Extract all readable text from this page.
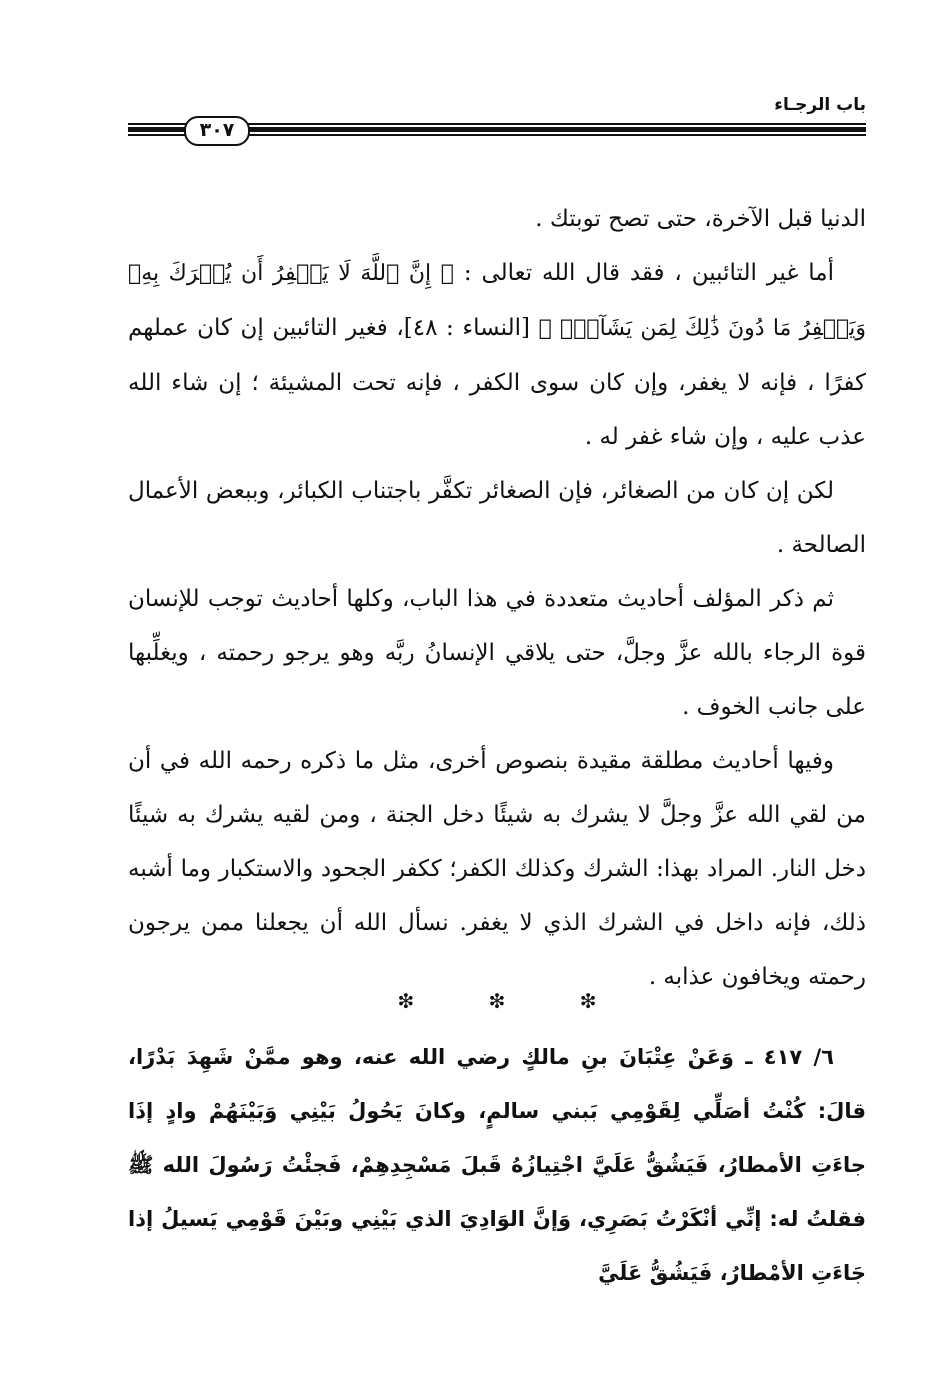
باب الرجـاء
٣٠٧

الدنيا قبل الآخرة، حتى تصح توبتك .

أما غير التائبين ، فقد قال الله تعالى : ﴿ إِنَّ ٱللَّهَ لَا يَغۡفِرُ أَن يُشۡرَكَ بِهِۦ وَيَغۡفِرُ مَا دُونَ ذَٰلِكَ لِمَن يَشَآءُۚ ﴾ [النساء : ٤٨]، فغير التائبين إن كان عملهم كفرًا ، فإنه لا يغفر، وإن كان سوى الكفر ، فإنه تحت المشيئة ؛ إن شاء الله عذب عليه ، وإن شاء غفر له .

لكن إن كان من الصغائر، فإن الصغائر تكفَّر باجتناب الكبائر، وببعض الأعمال الصالحة .

ثم ذكر المؤلف أحاديث متعددة في هذا الباب، وكلها أحاديث توجب للإنسان قوة الرجاء بالله عزَّ وجلَّ، حتى يلاقي الإنسانُ ربَّه وهو يرجو رحمته ، ويغلِّبها على جانب الخوف .

وفيها أحاديث مطلقة مقيدة بنصوص أخرى، مثل ما ذكره رحمه الله في أن من لقي الله عزَّ وجلَّ لا يشرك به شيئًا دخل الجنة ، ومن لقيه يشرك به شيئًا دخل النار. المراد بهذا: الشرك وكذلك الكفر؛ ككفر الجحود والاستكبار وما أشبه ذلك، فإنه داخل في الشرك الذي لا يغفر. نسأل الله أن يجعلنا ممن يرجون رحمته ويخافون عذابه .

❇	❇	❇

٦/ ٤١٧ ـ وَعَنْ عِتْبَانَ بنِ مالكٍ رضي الله عنه، وهو ممَّنْ شَهِدَ بَدْرًا، قالَ: كُنْتُ أصَلِّي لِقَوْمِي بَبني سالمٍ، وكانَ يَحُولُ بَيْنِي وَبَيْنَهُمْ وادٍ إذَا جاءَتِ الأمطارُ، فَيَشُقُّ عَلَيَّ اجْتِيازُهُ قَبلَ مَسْجِدِهِمْ، فَجئْتُ رَسُولَ الله ﷺ فقلتُ له: إنِّي أنْكَرْتُ بَصَرِي، وَإنَّ الوَادِيَ الذي بَيْنِي وبَيْنَ قَوْمِي يَسيلُ إذا جَاءَتِ الأمْطارُ، فَيَشُقُّ عَلَيَّ
